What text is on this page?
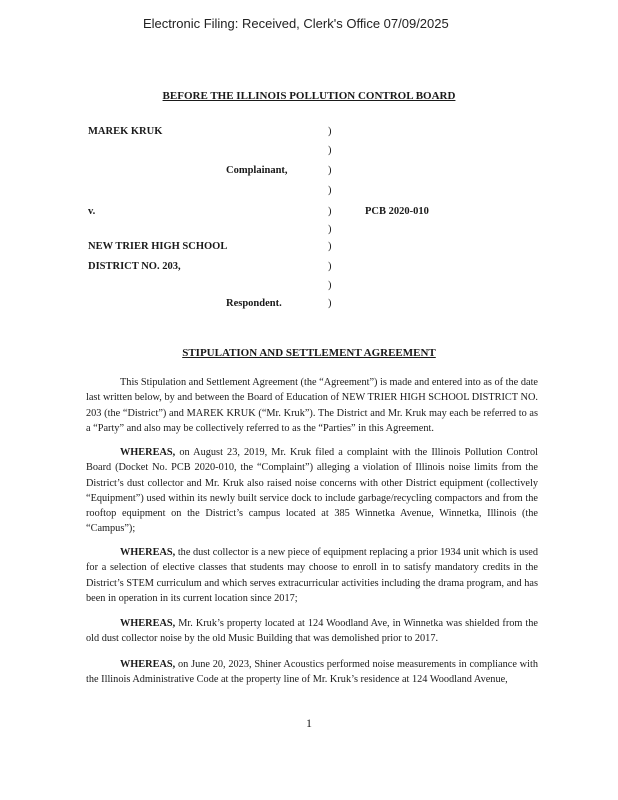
Electronic Filing: Received, Clerk's Office 07/09/2025
BEFORE THE ILLINOIS POLLUTION CONTROL BOARD
MAREK KRUK
Complainant,
v.	PCB 2020-010
NEW TRIER HIGH SCHOOL
DISTRICT NO. 203,
Respondent.
)
)
)
)
)
)
)
)
)
)
STIPULATION AND SETTLEMENT AGREEMENT
This Stipulation and Settlement Agreement (the “Agreement”) is made and entered into as of the date last written below, by and between the Board of Education of NEW TRIER HIGH SCHOOL DISTRICT NO. 203 (the “District”) and MAREK KRUK (“Mr. Kruk”). The District and Mr. Kruk may each be referred to as a “Party” and also may be collectively referred to as the “Parties” in this Agreement.
WHEREAS, on August 23, 2019, Mr. Kruk filed a complaint with the Illinois Pollution Control Board (Docket No. PCB 2020-010, the “Complaint”) alleging a violation of Illinois noise limits from the District’s dust collector and Mr. Kruk also raised noise concerns with other District equipment (collectively “Equipment”) used within its newly built service dock to include garbage/recycling compactors and from the rooftop equipment on the District’s campus located at 385 Winnetka Avenue, Winnetka, Illinois (the “Campus”);
WHEREAS, the dust collector is a new piece of equipment replacing a prior 1934 unit which is used for a selection of elective classes that students may choose to enroll in to satisfy mandatory credits in the District’s STEM curriculum and which serves extracurricular activities including the drama program, and has been in operation in its current location since 2017;
WHEREAS, Mr. Kruk’s property located at 124 Woodland Ave, in Winnetka was shielded from the old dust collector noise by the old Music Building that was demolished prior to 2017.
WHEREAS, on June 20, 2023, Shiner Acoustics performed noise measurements in compliance with the Illinois Administrative Code at the property line of Mr. Kruk’s residence at 124 Woodland Avenue,
1
